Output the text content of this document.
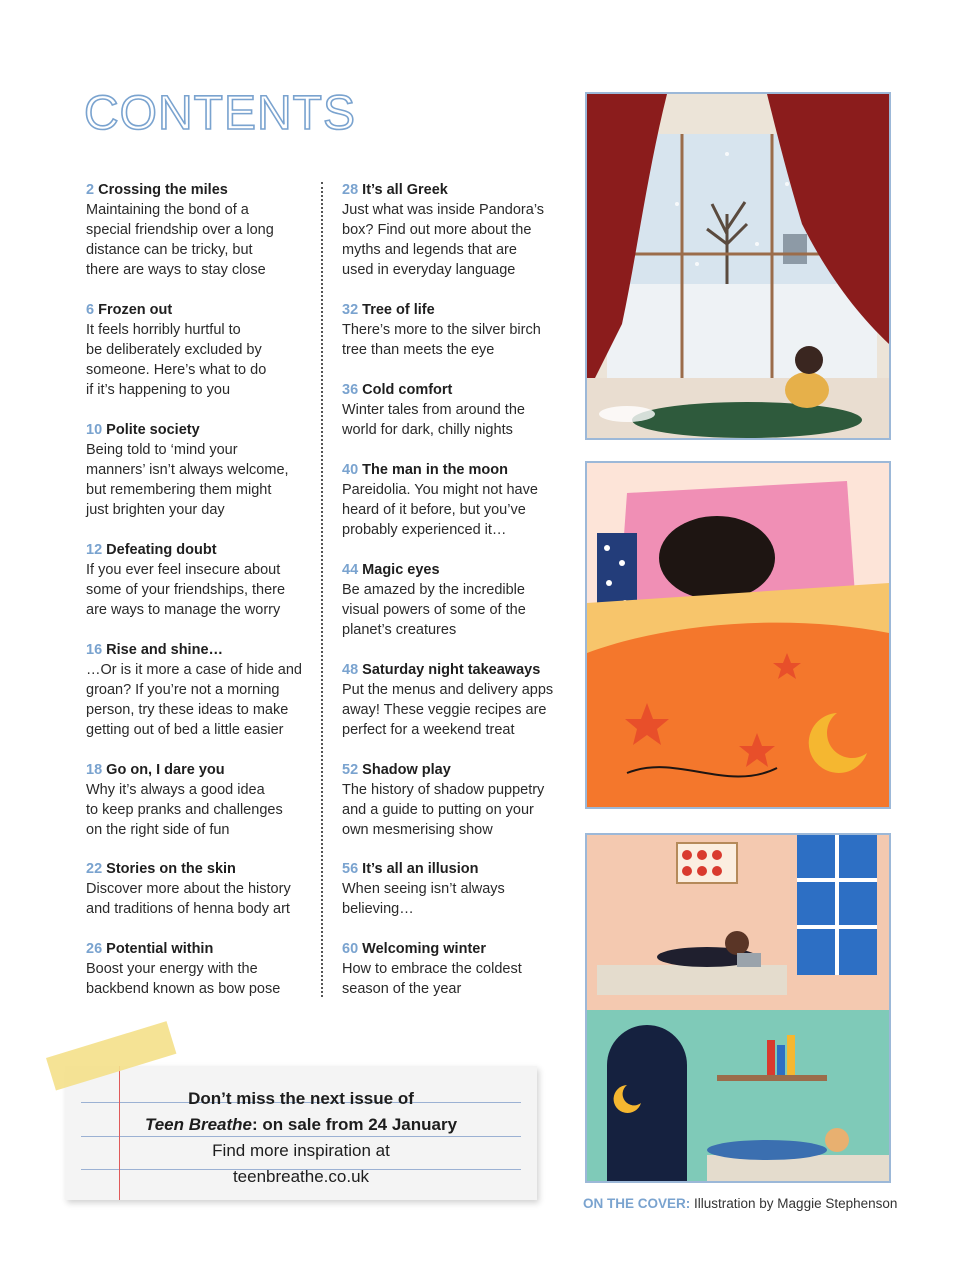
CONTENTS
2 Crossing the miles
Maintaining the bond of a
special friendship over a long
distance can be tricky, but
there are ways to stay close
6 Frozen out
It feels horribly hurtful to
be deliberately excluded by
someone. Here’s what to do
if it’s happening to you
10 Polite society
Being told to ‘mind your
manners’ isn’t always welcome,
but remembering them might
just brighten your day
12 Defeating doubt
If you ever feel insecure about
some of your friendships, there
are ways to manage the worry
16 Rise and shine…
…Or is it more a case of hide and
groan? If you’re not a morning
person, try these ideas to make
getting out of bed a little easier
18 Go on, I dare you
Why it’s always a good idea
to keep pranks and challenges
on the right side of fun
22 Stories on the skin
Discover more about the history
and traditions of henna body art
26 Potential within
Boost your energy with the
backbend known as bow pose
28 It’s all Greek
Just what was inside Pandora’s
box? Find out more about the
myths and legends that are
used in everyday language
32 Tree of life
There’s more to the silver birch
tree than meets the eye
36 Cold comfort
Winter tales from around the
world for dark, chilly nights
40 The man in the moon
Pareidolia. You might not have
heard of it before, but you’ve
probably experienced it…
44 Magic eyes
Be amazed by the incredible
visual powers of some of the
planet’s creatures
48 Saturday night takeaways
Put the menus and delivery apps
away! These veggie recipes are
perfect for a weekend treat
52 Shadow play
The history of shadow puppetry
and a guide to putting on your
own mesmerising show
56 It’s all an illusion
When seeing isn’t always
believing…
60 Welcoming winter
How to embrace the coldest
season of the year
Don’t miss the next issue of
Teen Breathe: on sale from 24 January
Find more inspiration at
teenbreathe.co.uk
ON THE COVER: Illustration by Maggie Stephenson
